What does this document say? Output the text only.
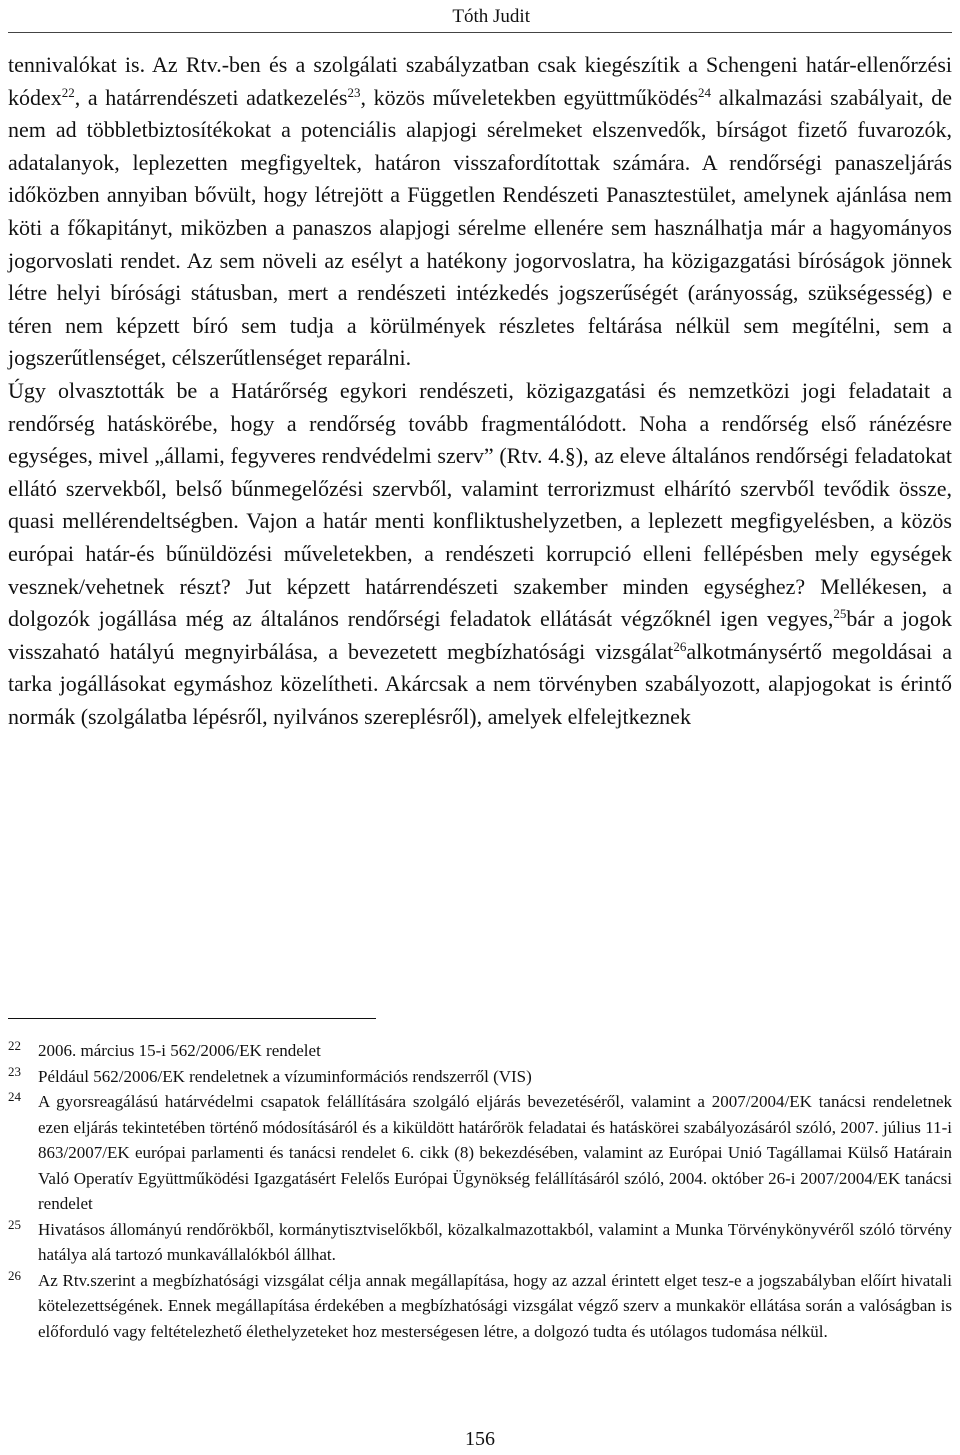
Tóth Judit

tennivalókat is. Az Rtv.-ben és a szolgálati szabályzatban csak kiegészítik a Schengeni határ-ellenőrzési kódex$^{22}$, a határrendészeti adatkezelés$^{23}$, közös műveletekben együttműködés$^{24}$ alkalmazási szabályait, de nem ad többletbiztosítékokat a potenciális alapjogi sérelmeket elszenvedők, bírságot fizető fuvarozók, adatalanyok, leplezetten megfigyeltek, határon visszafordítottak számára. A rendőrségi panaszeljárás időközben annyiban bővült, hogy létrejött a Független Rendészeti Panasztestület, amelynek ajánlása nem köti a főkapitányt, miközben a panaszos alapjogi sérelme ellenére sem használhatja már a hagyományos jogorvoslati rendet. Az sem növeli az esélyt a hatékony jogorvoslatra, ha közigazgatási bíróságok jönnek létre helyi bírósági státusban, mert a rendészeti intézkedés jogszerűségét (arányosság, szükségesség) e téren nem képzett bíró sem tudja a körülmények részletes feltárása nélkül sem megítélni, sem a jogszerűtlenséget, célszerűtlenséget reparálni.

Úgy olvasztották be a Határőrség egykori rendészeti, közigazgatási és nemzetközi jogi feladatait a rendőrség hatáskörébe, hogy a rendőrség tovább fragmentálódott. Noha a rendőrség első ránézésre egységes, mivel „állami, fegyveres rendvédelmi szerv” (Rtv. 4.§), az eleve általános rendőrségi feladatokat ellátó szervekből, belső bűnmegelőzési szervből, valamint terrorizmust elhárító szervből tevődik össze, quasi mellérendeltségben. Vajon a határ menti konfliktushelyzetben, a leplezett megfigyelésben, a közös európai határ-és bűnüldözési műveletekben, a rendészeti korrupció elleni fellépésben mely egységek vesznek/vehetnek részt? Jut képzett határrendészeti szakember minden egységhez? Mellékesen, a dolgozók jogállása még az általános rendőrségi feladatok ellátását végzőknél igen vegyes,$^{25}$bár a jogok visszaható hatályú megnyirbálása, a bevezetett megbízhatósági vizsgálat$^{26}$alkotmánysértő megoldásai a tarka jogállásokat egymáshoz közelítheti. Akárcsak a nem törvényben szabályozott, alapjogokat is érintő normák (szolgálatba lépésről, nyilvános szereplésről), amelyek elfelejtkeznek

22	2006. március 15-i 562/2006/EK rendelet
23	Például 562/2006/EK rendeletnek a vízuminformációs rendszerről (VIS)
24	A gyorsreagálású határvédelmi csapatok felállítására szolgáló eljárás bevezetéséről, valamint a 2007/2004/EK tanácsi rendeletnek ezen eljárás tekintetében történő módosításáról és a kiküldött határőrök feladatai és hatáskörei szabályozásáról szóló, 2007. július 11-i 863/2007/EK európai parlamenti és tanácsi rendelet 6. cikk (8) bekezdésében, valamint az Európai Unió Tagállamai Külső Határain Való Operatív Együttműködési Igazgatásért Felelős Európai Ügynökség felállításáról szóló, 2004. október 26-i 2007/2004/EK tanácsi rendelet
25	Hivatásos állományú rendőrökből, kormánytisztviselőkből, közalkalmazottakból, valamint a Munka Törvénykönyvéről szóló törvény hatálya alá tartozó munkavállalókból állhat.
26	Az Rtv.szerint a megbízhatósági vizsgálat célja annak megállapítása, hogy az azzal érintett elget tesz-e a jogszabályban előírt hivatali kötelezettségének. Ennek megállapítása érdekében a megbízhatósági vizsgálat végző szerv a munkakör ellátása során a valóságban is előforduló vagy feltételezhető élethelyzeteket hoz mesterségesen létre, a dolgozó tudta és utólagos tudomása nélkül.
156
